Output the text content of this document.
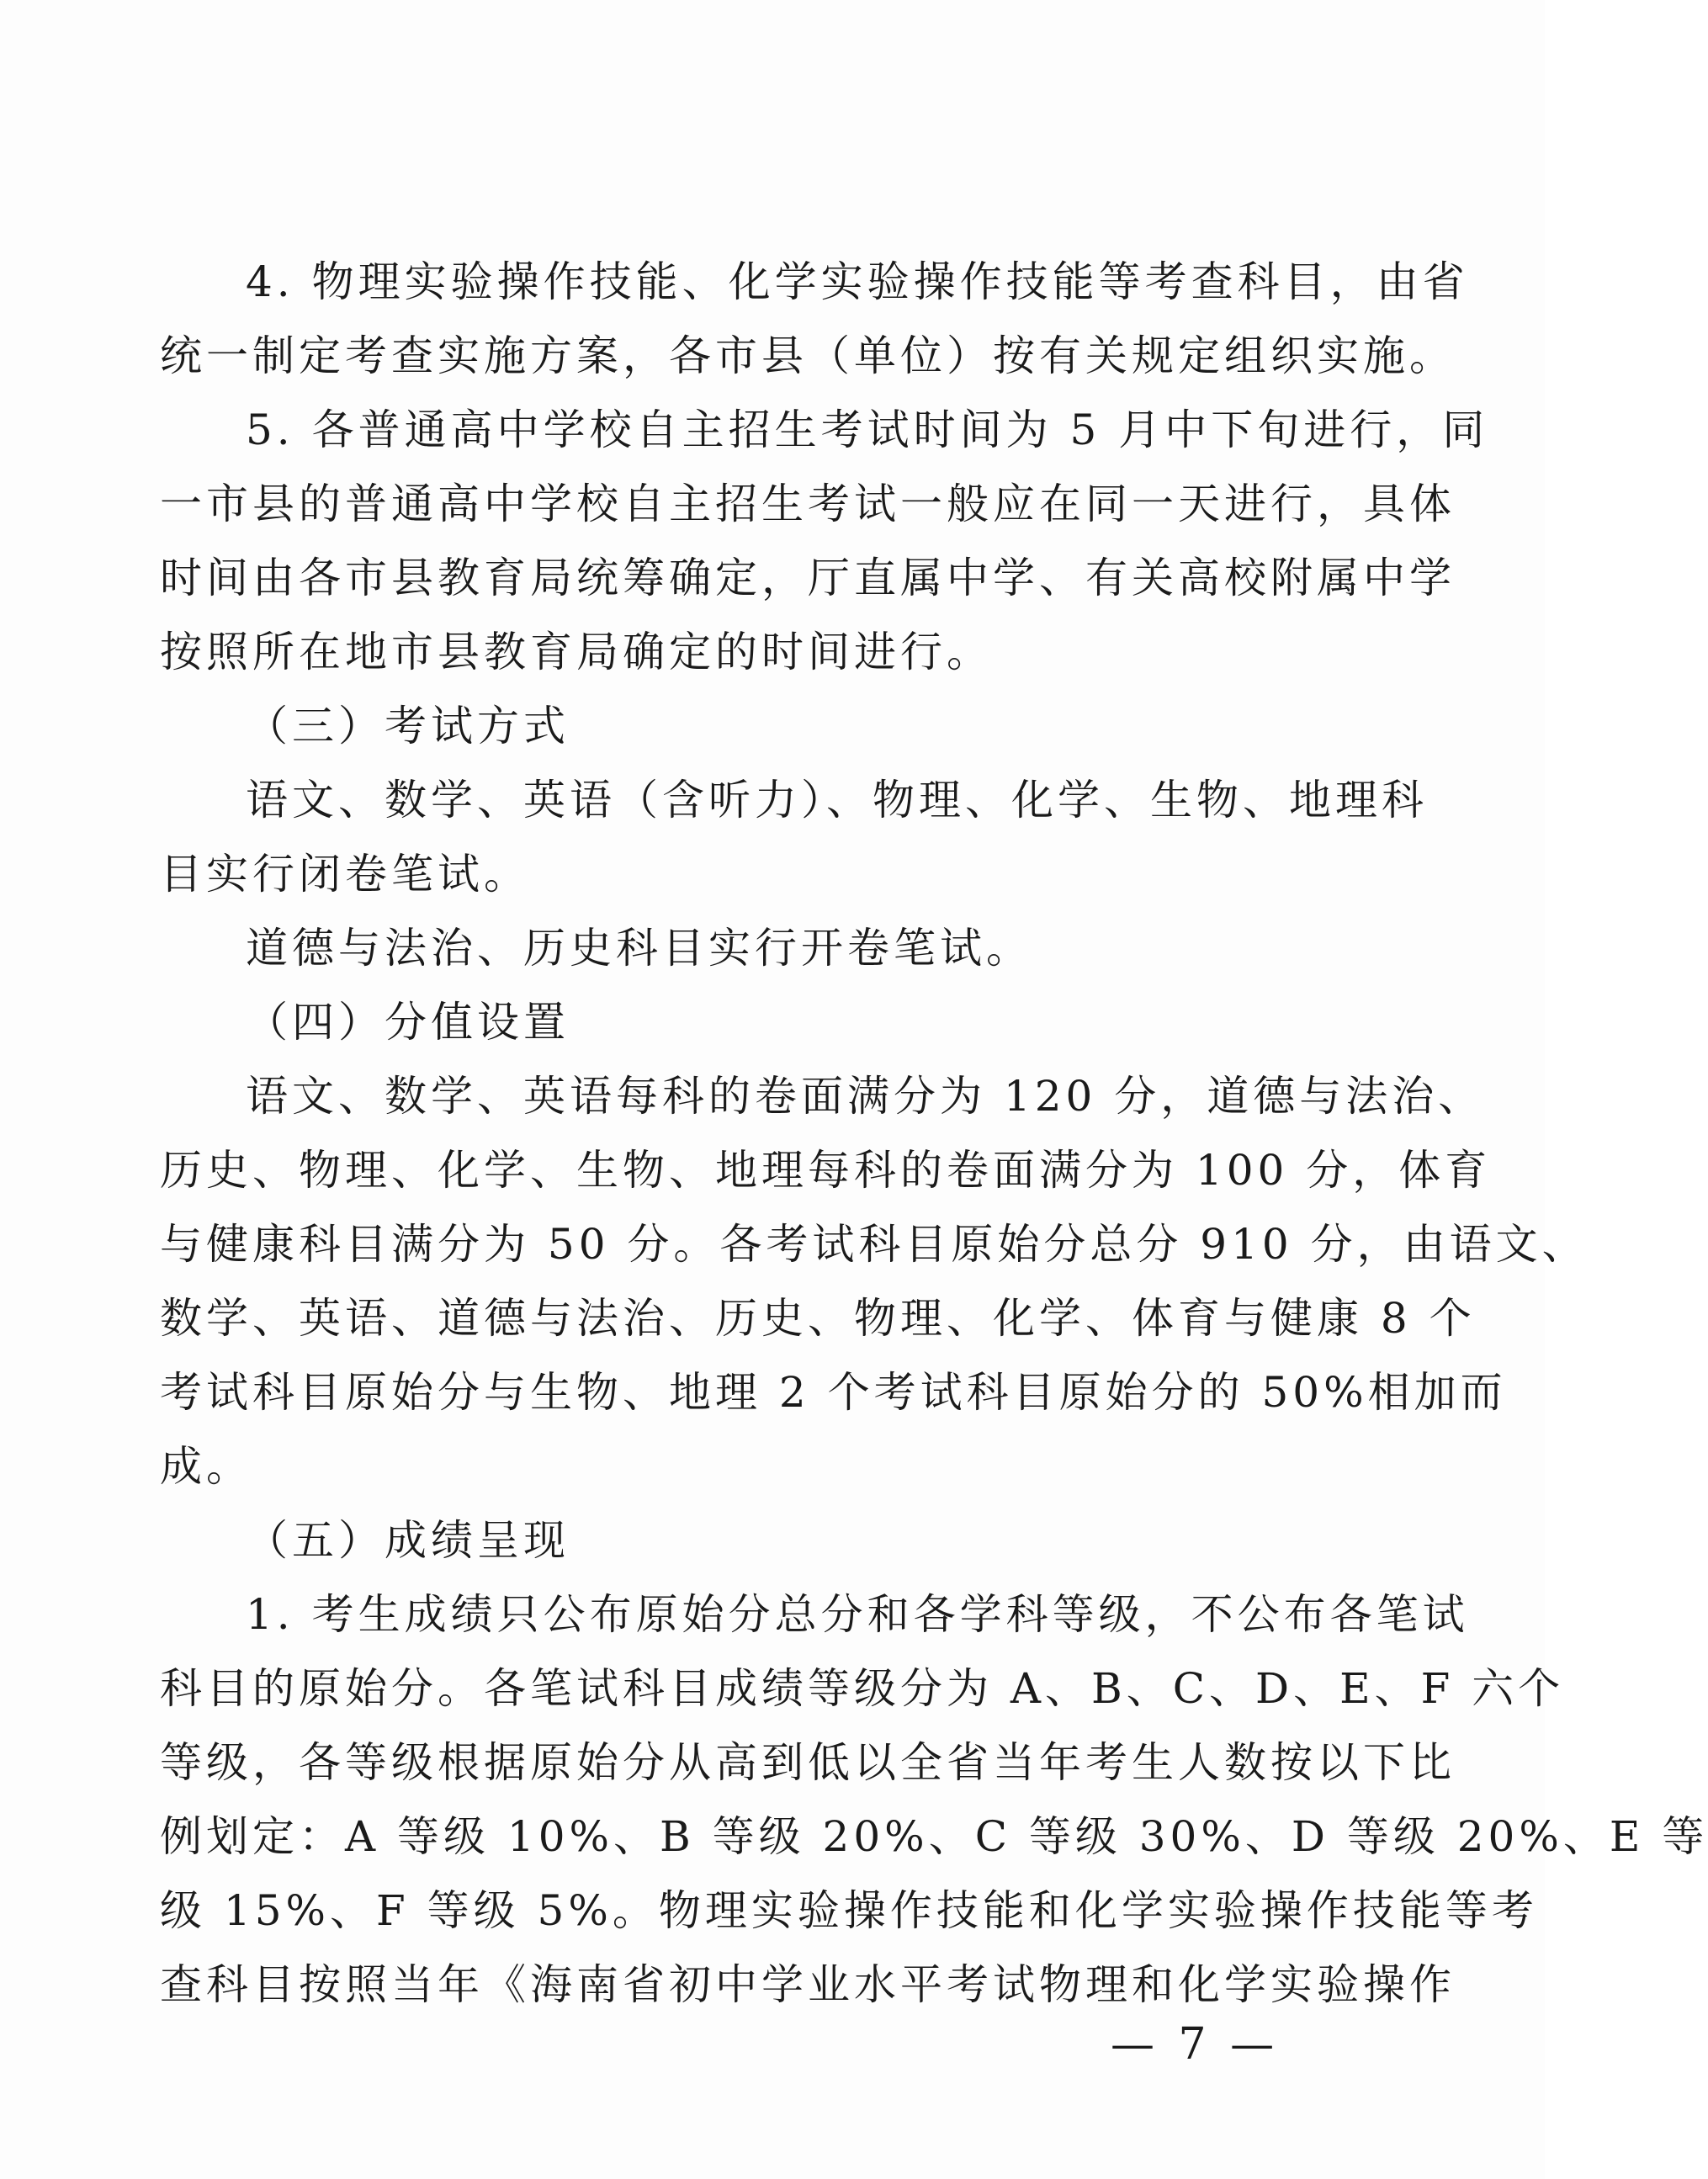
4. 物理实验操作技能、化学实验操作技能等考查科目，由省
统一制定考查实施方案，各市县（单位）按有关规定组织实施。
5. 各普通高中学校自主招生考试时间为 5 月中下旬进行，同
一市县的普通高中学校自主招生考试一般应在同一天进行，具体
时间由各市县教育局统筹确定，厅直属中学、有关高校附属中学
按照所在地市县教育局确定的时间进行。
（三）考试方式
语文、数学、英语（含听力）、物理、化学、生物、地理科
目实行闭卷笔试。
道德与法治、历史科目实行开卷笔试。
（四）分值设置
语文、数学、英语每科的卷面满分为 120 分，道德与法治、
历史、物理、化学、生物、地理每科的卷面满分为 100 分，体育
与健康科目满分为 50 分。各考试科目原始分总分 910 分，由语文、
数学、英语、道德与法治、历史、物理、化学、体育与健康 8 个
考试科目原始分与生物、地理 2 个考试科目原始分的 50%相加而
成。
（五）成绩呈现
1. 考生成绩只公布原始分总分和各学科等级，不公布各笔试
科目的原始分。各笔试科目成绩等级分为 A、B、C、D、E、F 六个
等级，各等级根据原始分从高到低以全省当年考生人数按以下比
例划定：A 等级 10%、B 等级 20%、C 等级 30%、D 等级 20%、E 等
级 15%、F 等级 5%。物理实验操作技能和化学实验操作技能等考
查科目按照当年《海南省初中学业水平考试物理和化学实验操作
— 7 —
